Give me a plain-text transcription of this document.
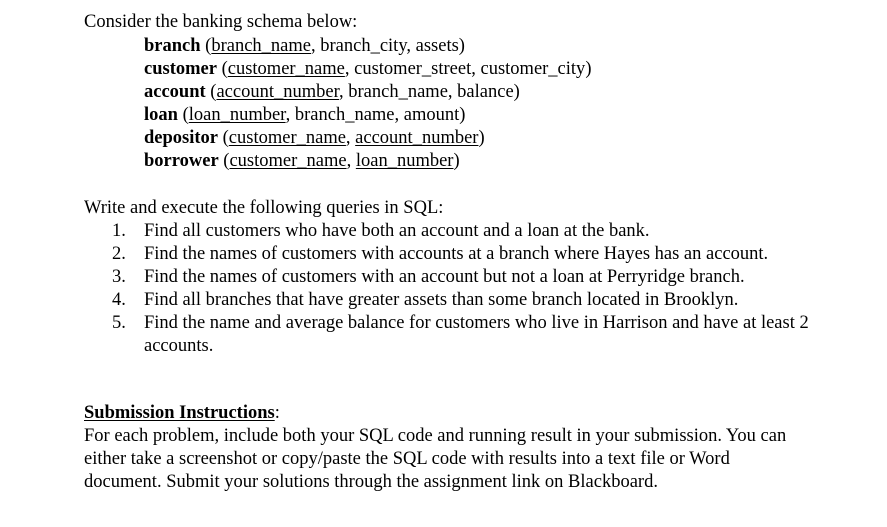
Consider the banking schema below:
branch (branch_name, branch_city, assets)
customer (customer_name, customer_street, customer_city)
account (account_number, branch_name, balance)
loan (loan_number, branch_name, amount)
depositor (customer_name, account_number)
borrower (customer_name, loan_number)
Write and execute the following queries in SQL:
1. Find all customers who have both an account and a loan at the bank.
2. Find the names of customers with accounts at a branch where Hayes has an account.
3. Find the names of customers with an account but not a loan at Perryridge branch.
4. Find all branches that have greater assets than some branch located in Brooklyn.
5. Find the name and average balance for customers who live in Harrison and have at least 2 accounts.
Submission Instructions:
For each problem, include both your SQL code and running result in your submission. You can
either take a screenshot or copy/paste the SQL code with results into a text file or Word
document. Submit your solutions through the assignment link on Blackboard.
